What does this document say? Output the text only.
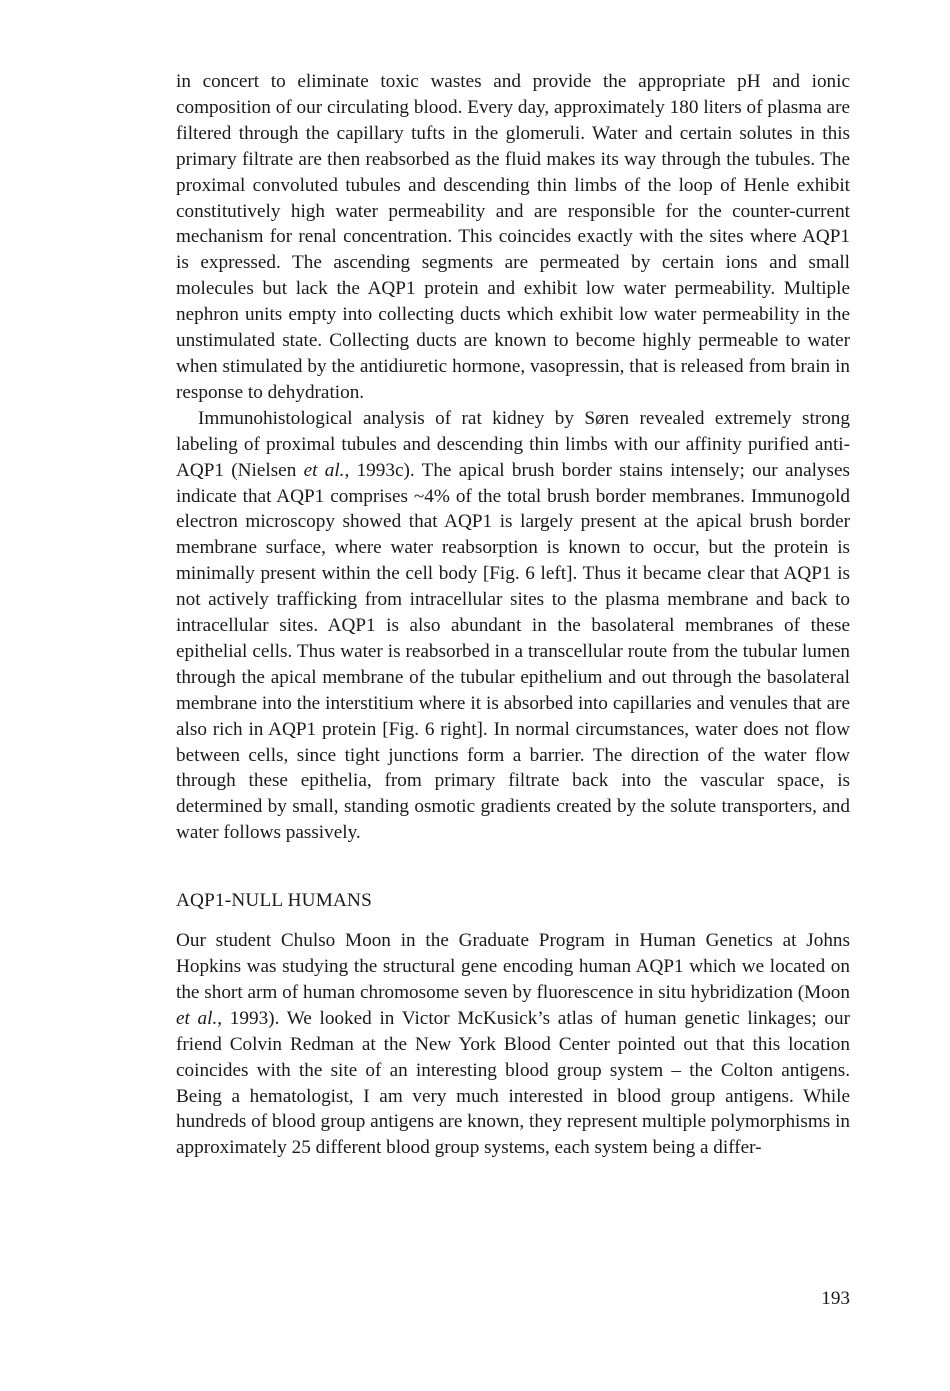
in concert to eliminate toxic wastes and provide the appropriate pH and ionic composition of our circulating blood. Every day, approximately 180 liters of plasma are filtered through the capillary tufts in the glomeruli. Water and certain solutes in this primary filtrate are then reabsorbed as the fluid makes its way through the tubules. The proximal convoluted tubules and descending thin limbs of the loop of Henle exhibit constitutively high water permeability and are responsible for the counter-current mechanism for renal concentration. This coincides exactly with the sites where AQP1 is expressed. The ascending segments are permeated by certain ions and small molecules but lack the AQP1 protein and exhibit low water permeability. Multiple nephron units empty into collecting ducts which exhibit low water permeability in the unstimulated state. Collecting ducts are known to become highly permeable to water when stimulated by the antidiuretic hormone, vasopressin, that is released from brain in response to dehydration.

Immunohistological analysis of rat kidney by Søren revealed extremely strong labeling of proximal tubules and descending thin limbs with our affinity purified anti-AQP1 (Nielsen et al., 1993c). The apical brush border stains intensely; our analyses indicate that AQP1 comprises ~4% of the total brush border membranes. Immunogold electron microscopy showed that AQP1 is largely present at the apical brush border membrane surface, where water reabsorption is known to occur, but the protein is minimally present within the cell body [Fig. 6 left]. Thus it became clear that AQP1 is not actively trafficking from intracellular sites to the plasma membrane and back to intracellular sites. AQP1 is also abundant in the basolateral membranes of these epithelial cells. Thus water is reabsorbed in a transcellular route from the tubular lumen through the apical membrane of the tubular epithelium and out through the basolateral membrane into the interstitium where it is absorbed into capillaries and venules that are also rich in AQP1 protein [Fig. 6 right]. In normal circumstances, water does not flow between cells, since tight junctions form a barrier. The direction of the water flow through these epithelia, from primary filtrate back into the vascular space, is determined by small, standing osmotic gradients created by the solute transporters, and water follows passively.

AQP1-NULL HUMANS

Our student Chulso Moon in the Graduate Program in Human Genetics at Johns Hopkins was studying the structural gene encoding human AQP1 which we located on the short arm of human chromosome seven by fluorescence in situ hybridization (Moon et al., 1993). We looked in Victor McKusick’s atlas of human genetic linkages; our friend Colvin Redman at the New York Blood Center pointed out that this location coincides with the site of an interesting blood group system – the Colton antigens. Being a hematologist, I am very much interested in blood group antigens. While hundreds of blood group antigens are known, they represent multiple polymorphisms in approximately 25 different blood group systems, each system being a differ-

193
